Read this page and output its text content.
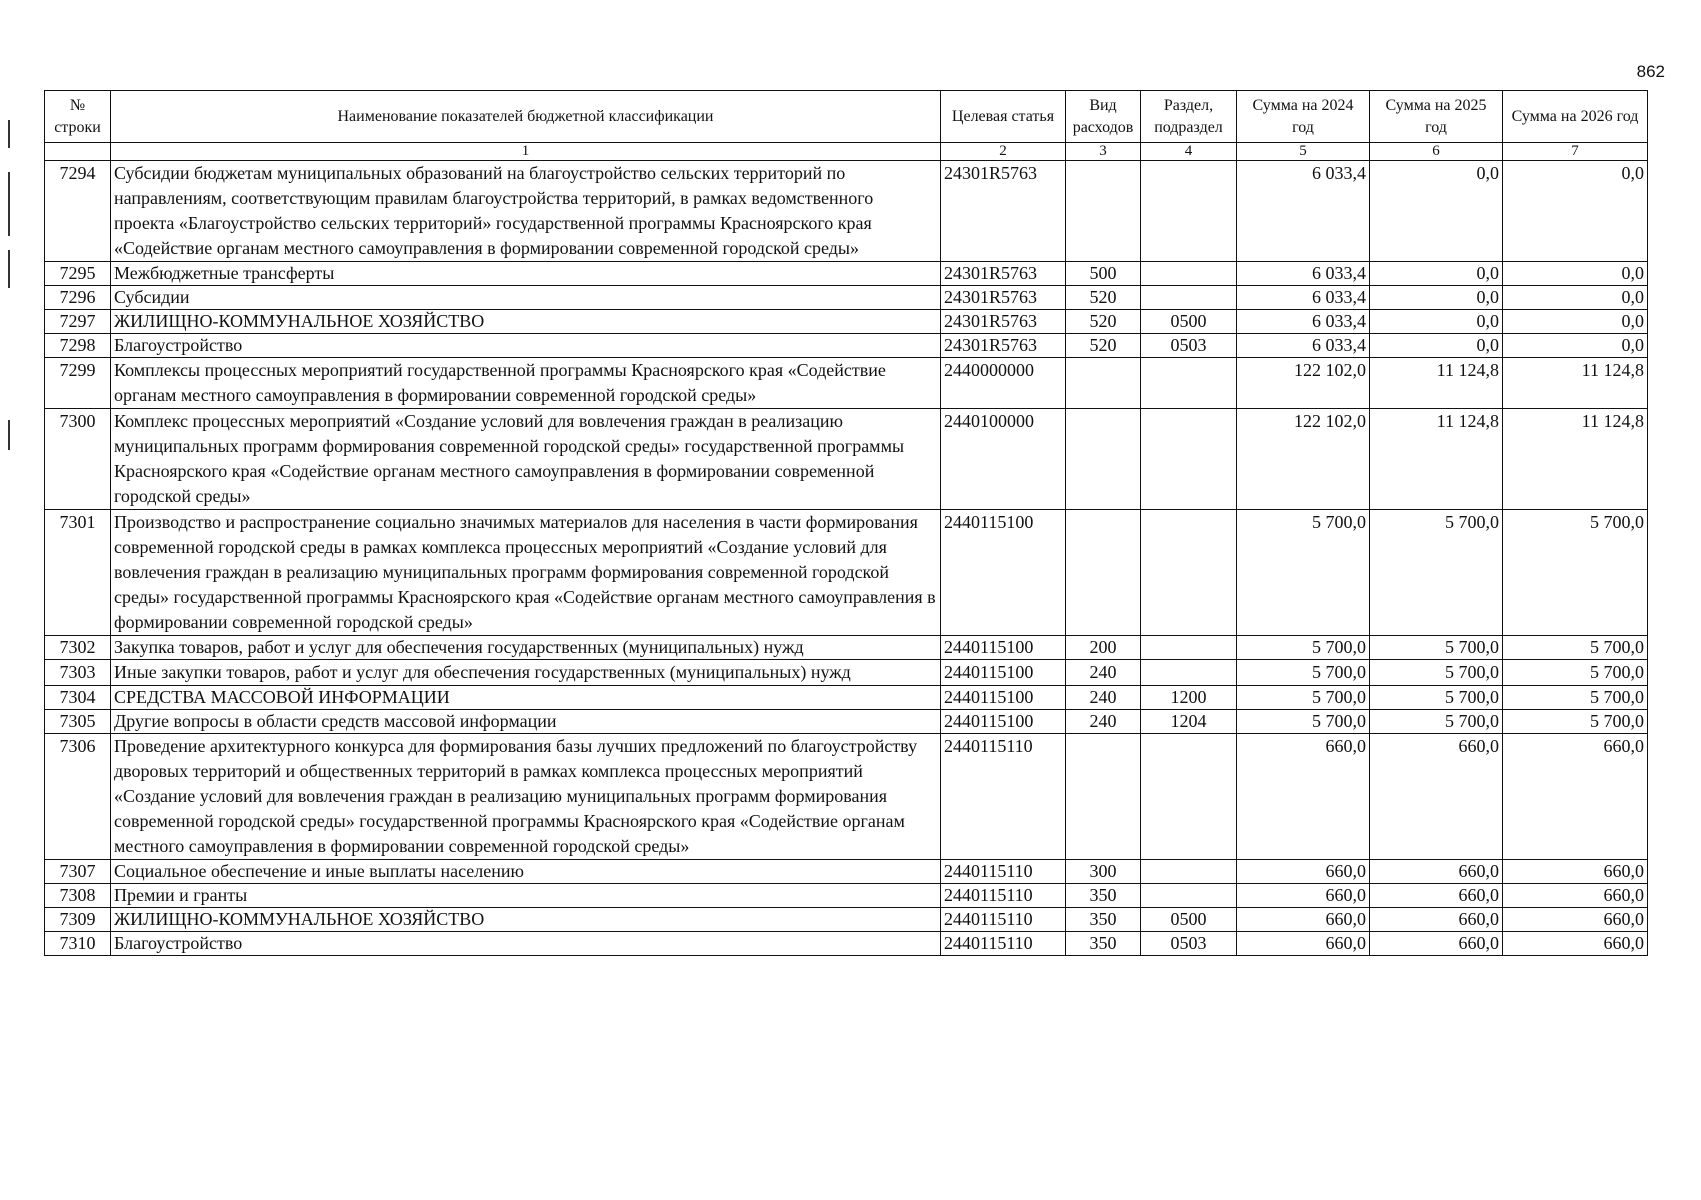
862
№ строки	Наименование показателей бюджетной классификации	Целевая статья	Вид расходов	Раздел, подраздел	Сумма на 2024 год	Сумма на 2025 год	Сумма на 2026 год
	1	2	3	4	5	6	7
7294	Субсидии бюджетам муниципальных образований на благоустройство сельских территорий по направлениям, соответствующим правилам благоустройства территорий, в рамках ведомственного проекта «Благоустройство сельских территорий» государственной программы Красноярского края «Содействие органам местного самоуправления в формировании современной городской среды»	24301R5763			6 033,4	0,0	0,0
7295	Межбюджетные трансферты	24301R5763	500		6 033,4	0,0	0,0
7296	Субсидии	24301R5763	520		6 033,4	0,0	0,0
7297	ЖИЛИЩНО-КОММУНАЛЬНОЕ ХОЗЯЙСТВО	24301R5763	520	0500	6 033,4	0,0	0,0
7298	Благоустройство	24301R5763	520	0503	6 033,4	0,0	0,0
7299	Комплексы процессных мероприятий государственной программы Красноярского края «Содействие органам местного самоуправления в формировании современной городской среды»	2440000000			122 102,0	11 124,8	11 124,8
7300	Комплекс процессных мероприятий «Создание условий для вовлечения граждан в реализацию муниципальных программ формирования современной городской среды» государственной программы Красноярского края «Содействие органам местного самоуправления в формировании современной городской среды»	2440100000			122 102,0	11 124,8	11 124,8
7301	Производство и распространение социально значимых материалов для населения в части формирования современной городской среды в рамках комплекса процессных мероприятий «Создание условий для вовлечения граждан в реализацию муниципальных программ формирования современной городской среды» государственной программы Красноярского края «Содействие органам местного самоуправления в формировании современной городской среды»	2440115100			5 700,0	5 700,0	5 700,0
7302	Закупка товаров, работ и услуг для обеспечения государственных (муниципальных) нужд	2440115100	200		5 700,0	5 700,0	5 700,0
7303	Иные закупки товаров, работ и услуг для обеспечения государственных (муниципальных) нужд	2440115100	240		5 700,0	5 700,0	5 700,0
7304	СРЕДСТВА МАССОВОЙ ИНФОРМАЦИИ	2440115100	240	1200	5 700,0	5 700,0	5 700,0
7305	Другие вопросы в области средств массовой информации	2440115100	240	1204	5 700,0	5 700,0	5 700,0
7306	Проведение архитектурного конкурса для формирования базы лучших предложений по благоустройству дворовых территорий и общественных территорий в рамках комплекса процессных мероприятий «Создание условий для вовлечения граждан в реализацию муниципальных программ формирования современной городской среды» государственной программы Красноярского края «Содействие органам местного самоуправления в формировании современной городской среды»	2440115110			660,0	660,0	660,0
7307	Социальное обеспечение и иные выплаты населению	2440115110	300		660,0	660,0	660,0
7308	Премии и гранты	2440115110	350		660,0	660,0	660,0
7309	ЖИЛИЩНО-КОММУНАЛЬНОЕ ХОЗЯЙСТВО	2440115110	350	0500	660,0	660,0	660,0
7310	Благоустройство	2440115110	350	0503	660,0	660,0	660,0
